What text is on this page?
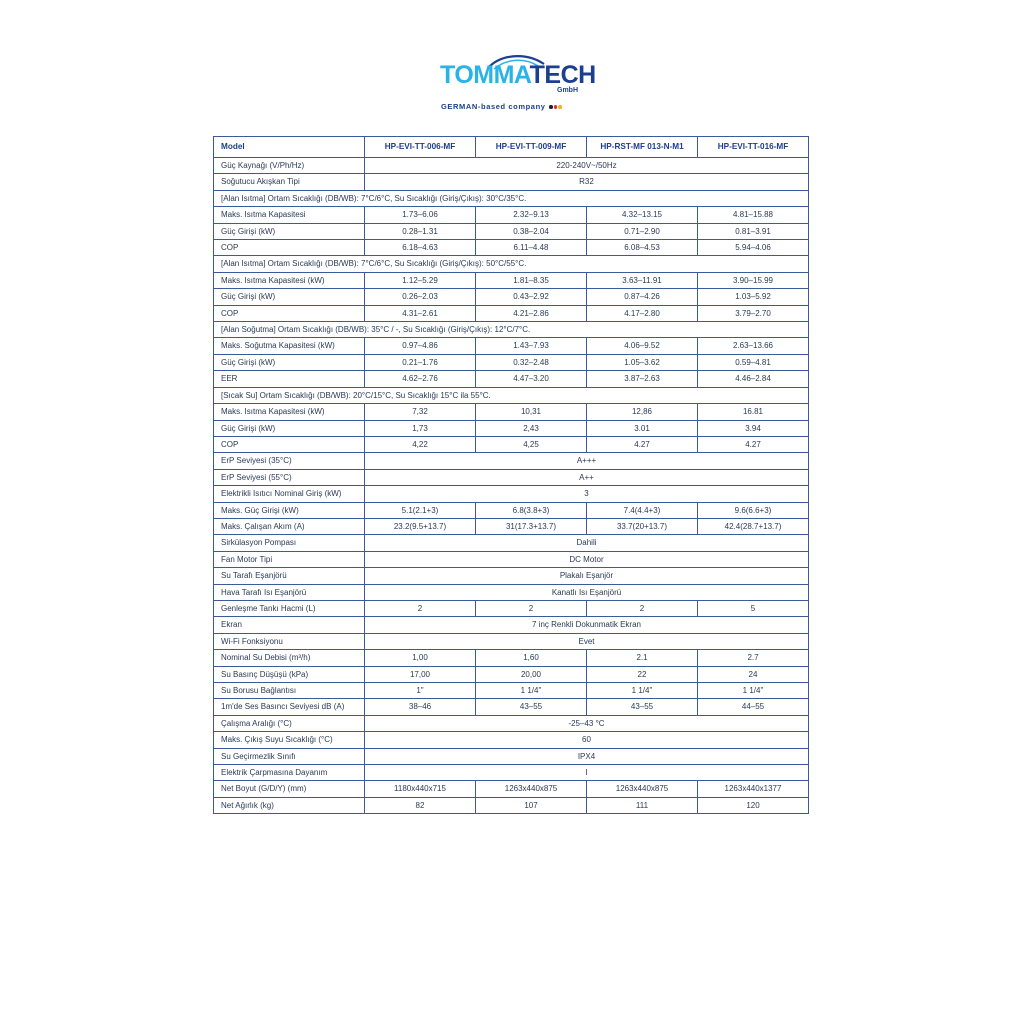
TOMMATECH
GmbH
GERMAN-based company
Model	HP-EVI-TT-006-MF	HP-EVI-TT-009-MF	HP-RST-MF 013-N-M1	HP-EVI-TT-016-MF
Güç Kaynağı (V/Ph/Hz)	220-240V~/50Hz			
Soğutucu Akışkan Tipi	R32			
[Alan Isıtma] Ortam Sıcaklığı (DB/WB): 7°C/6°C, Su Sıcaklığı (Giriş/Çıkış): 30°C/35°C.				
Maks. Isıtma Kapasitesi	1.73–6.06	2.32–9.13	4.32–13.15	4.81–15.88
Güç Girişi (kW)	0.28–1.31	0.38–2.04	0.71–2.90	0.81–3.91
COP	6.18–4.63	6.11–4.48	6.08–4.53	5.94–4.06
[Alan Isıtma] Ortam Sıcaklığı (DB/WB): 7°C/6°C, Su Sıcaklığı (Giriş/Çıkış): 50°C/55°C.				
Maks. Isıtma Kapasitesi (kW)	1.12–5.29	1.81–8.35	3.63–11.91	3.90–15.99
Güç Girişi (kW)	0.26–2.03	0.43–2.92	0.87–4.26	1.03–5.92
COP	4.31–2.61	4.21–2.86	4.17–2.80	3.79–2.70
[Alan Soğutma] Ortam Sıcaklığı (DB/WB): 35°C / -, Su Sıcaklığı (Giriş/Çıkış): 12°C/7°C.				
Maks. Soğutma Kapasitesi (kW)	0.97–4.86	1.43–7.93	4.06–9.52	2.63–13.66
Güç Girişi (kW)	0.21–1.76	0.32–2.48	1.05–3.62	0.59–4.81
EER	4.62–2.76	4.47–3.20	3.87–2.63	4.46–2.84
[Sıcak Su] Ortam Sıcaklığı (DB/WB): 20°C/15°C, Su Sıcaklığı 15°C ila 55°C.				
Maks. Isıtma Kapasitesi (kW)	7,32	10,31	12,86	16.81
Güç Girişi (kW)	1,73	2,43	3.01	3.94
COP	4,22	4,25	4.27	4.27
ErP Seviyesi (35°C)	A+++			
ErP Seviyesi (55°C)	A++			
Elektrikli Isıtıcı Nominal Giriş (kW)	3			
Maks. Güç Girişi (kW)	5.1(2.1+3)	6.8(3.8+3)	7.4(4.4+3)	9.6(6.6+3)
Maks. Çalışan Akım (A)	23.2(9.5+13.7)	31(17.3+13.7)	33.7(20+13.7)	42.4(28.7+13.7)
Sirkülasyon Pompası	Dahili			
Fan Motor Tipi	DC Motor			
Su Tarafı Eşanjörü	Plakalı Eşanjör			
Hava Tarafı Isı Eşanjörü	Kanatlı Isı Eşanjörü			
Genleşme Tankı Hacmi (L)	2	2	2	5
Ekran	7 inç Renkli Dokunmatik Ekran			
Wi-Fi Fonksiyonu	Evet			
Nominal Su Debisi (m³/h)	1,00	1,60	2.1	2.7
Su Basınç Düşüşü (kPa)	17,00	20,00	22	24
Su Borusu Bağlantısı	1"	1 1/4"	1 1/4"	1 1/4"
1m'de Ses Basıncı Seviyesi dB (A)	38–46	43–55	43–55	44–55
Çalışma Aralığı (°C)	-25–43 °C			
Maks. Çıkış Suyu Sıcaklığı (°C)	60			
Su Geçirmezlik Sınıfı	IPX4			
Elektrik Çarpmasına Dayanım	I			
Net Boyut (G/D/Y) (mm)	1180x440x715	1263x440x875	1263x440x875	1263x440x1377
Net Ağırlık (kg)	82	107	111	120
